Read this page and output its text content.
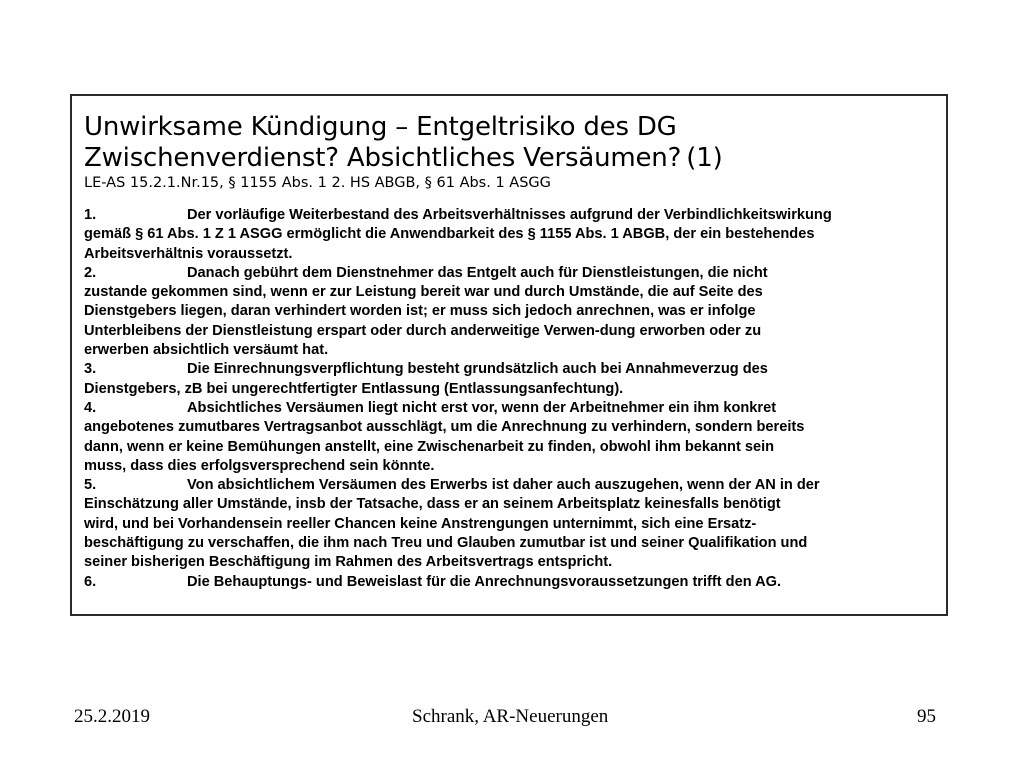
Unwirksame Kündigung – Entgeltrisiko des DG
Zwischenverdienst? Absichtliches Versäumen? (1)
LE-AS 15.2.1.Nr.15, § 1155 Abs. 1 2. HS ABGB, § 61 Abs. 1 ASGG
1.	Der vorläufige Weiterbestand des Arbeitsverhältnisses aufgrund der Verbindlichkeitswirkung
gemäß § 61 Abs. 1 Z 1 ASGG ermöglicht die Anwendbarkeit des § 1155 Abs. 1 ABGB, der ein bestehendes
Arbeitsverhältnis voraussetzt.
2.	Danach gebührt dem Dienstnehmer das Entgelt auch für Dienstleistungen, die nicht
zustande gekommen sind, wenn er zur Leistung bereit war und durch Umstände, die auf Seite des
Dienstgebers liegen, daran verhindert worden ist; er muss sich jedoch anrechnen, was er infolge
Unterbleibens der Dienstleistung erspart oder durch anderweitige Verwen-dung erworben oder zu
erwerben absichtlich versäumt hat.
3.	Die Einrechnungsverpflichtung besteht grundsätzlich auch bei Annahmeverzug des
Dienstgebers, zB bei ungerechtfertigter Entlassung (Entlassungsanfechtung).
4.	Absichtliches Versäumen liegt nicht erst vor, wenn der Arbeitnehmer ein ihm konkret
angebotenes zumutbares Vertragsanbot ausschlägt, um die Anrechnung zu verhindern, sondern bereits
dann, wenn er keine Bemühungen anstellt, eine Zwischenarbeit zu finden, obwohl ihm bekannt sein
muss, dass dies erfolgsversprechend sein könnte.
5.	Von absichtlichem Versäumen des Erwerbs ist daher auch auszugehen, wenn der AN in der
Einschätzung aller Umstände, insb der Tatsache, dass er an seinem Arbeitsplatz keinesfalls benötigt
wird, und bei Vorhandensein reeller Chancen keine Anstrengungen unternimmt, sich eine Ersatz-
beschäftigung zu verschaffen, die ihm nach Treu und Glauben zumutbar ist und seiner Qualifikation und
seiner bisherigen Beschäftigung im Rahmen des Arbeitsvertrags entspricht.
6.	Die Behauptungs- und Beweislast für die Anrechnungsvoraussetzungen trifft den AG.
25.2.2019	Schrank, AR-Neuerungen	95
